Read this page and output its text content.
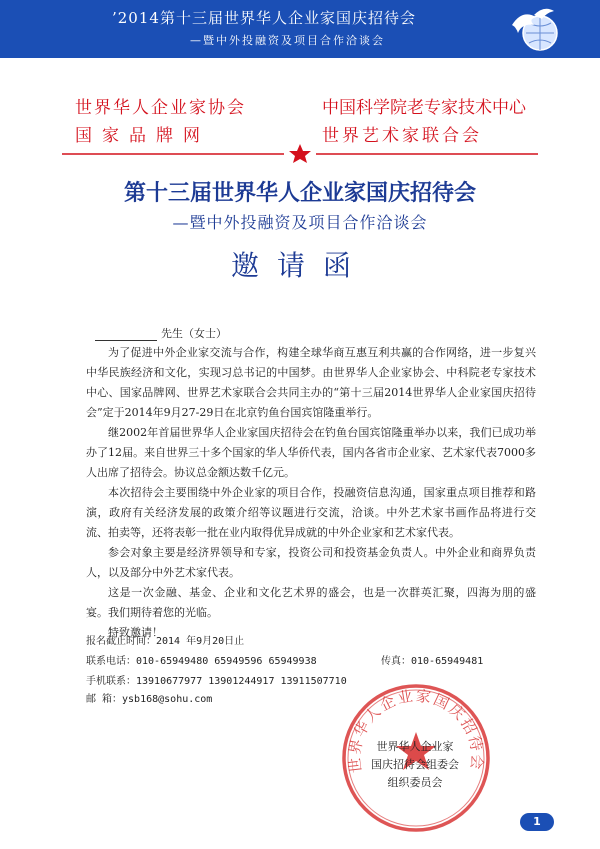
’2014第十三届世界华人企业家国庆招待会
—暨中外投融资及项目合作洽谈会
世界华人企业家协会	中国科学院老专家技术中心
国家品牌网	世界艺术家联合会
第十三届世界华人企业家国庆招待会
—暨中外投融资及项目合作洽谈会
邀请函
先生（女士）

为了促进中外企业家交流与合作，构建全球华商互惠互利共赢的合作网络，进一步复兴中华民族经济和文化，实现习总书记的中国梦。由世界华人企业家协会、中科院老专家技术中心、国家品牌网、世界艺术家联合会共同主办的“第十三届2014世界华人企业家国庆招待会”定于2014年9月27-29日在北京钓鱼台国宾馆隆重举行。

继2002年首届世界华人企业家国庆招待会在钓鱼台国宾馆隆重举办以来，我们已成功举办了12届。来自世界三十多个国家的华人华侨代表，国内各省市企业家、艺术家代表7000多人出席了招待会。协议总金额达数千亿元。

本次招待会主要围绕中外企业家的项目合作，投融资信息沟通，国家重点项目推荐和路演，政府有关经济发展的政策介绍等议题进行交流，洽谈。中外艺术家书画作品将进行交流、拍卖等，还将表彰一批在业内取得优异成就的中外企业家和艺术家代表。

参会对象主要是经济界领导和专家，投资公司和投资基金负责人。中外企业和商界负责人，以及部分中外艺术家代表。

这是一次金融、基金、企业和文化艺术界的盛会，也是一次群英汇聚，四海为朋的盛宴。我们期待着您的光临。

特致邀请！

报名截止时间：2014 年9月20日止
联系电话：010-65949480 65949596 65949938	传真：010-65949481
手机联系：13910677977 13901244917 13911507710
邮 箱：ysb168@sohu.com
世界华人企业家国庆招待会
世界华人企业家
国庆招待会组委会
组织委员会
1
